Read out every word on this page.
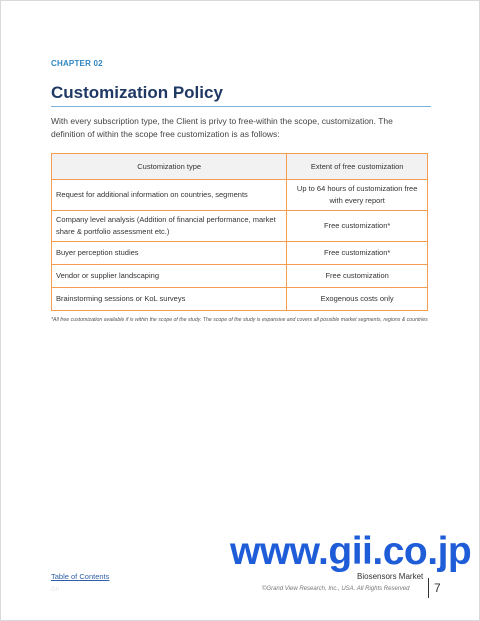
CHAPTER 02
Customization Policy
With every subscription type, the Client is privy to free-within the scope, customization. The definition of within the scope free customization is as follows:
Customization type	Extent of free customization
Request for additional information on countries, segments	Up to 64 hours of customization free with every report
Company level analysis (Addition of financial performance, market share & portfolio assessment etc.)	Free customization*
Buyer perception studies	Free customization*
Vendor or supplier landscaping	Free customization
Brainstorming sessions or KoL surveys	Exogenous costs only
*All free customization available if is within the scope of the study. The scope of the study is expansive and covers all possible market segments, regions & countries
www.gii.co.jp
Table of Contents
GII
Biosensors Market
©Grand View Research, Inc., USA. All Rights Reserved 7
